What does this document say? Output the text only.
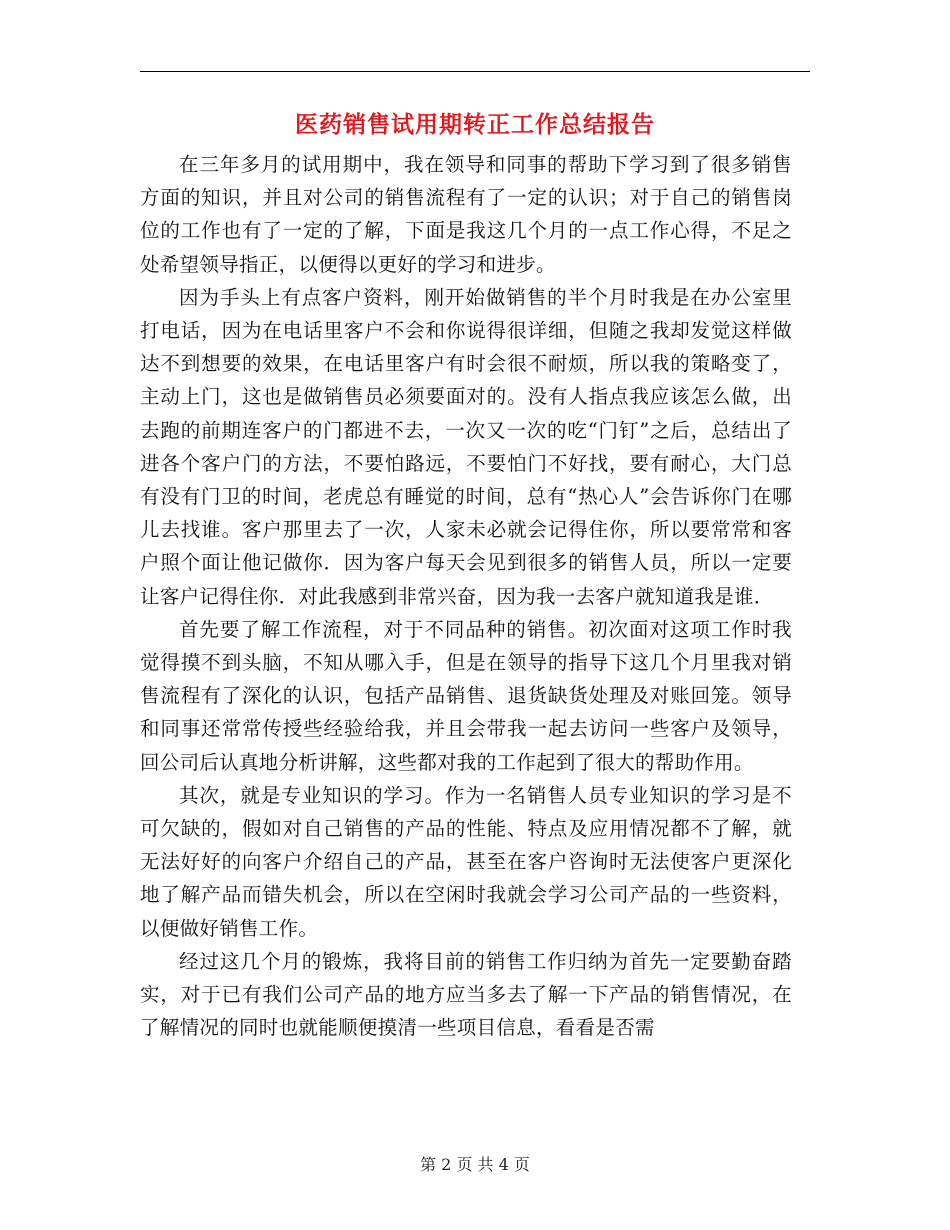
医药销售试用期转正工作总结报告

在三年多月的试用期中，我在领导和同事的帮助下学习到了很多销售方面的知识，并且对公司的销售流程有了一定的认识；对于自己的销售岗位的工作也有了一定的了解，下面是我这几个月的一点工作心得，不足之处希望领导指正，以便得以更好的学习和进步。

因为手头上有点客户资料，刚开始做销售的半个月时我是在办公室里打电话，因为在电话里客户不会和你说得很详细，但随之我却发觉这样做达不到想要的效果，在电话里客户有时会很不耐烦，所以我的策略变了，主动上门，这也是做销售员必须要面对的。没有人指点我应该怎么做，出去跑的前期连客户的门都进不去，一次又一次的吃“门钉”之后，总结出了进各个客户门的方法，不要怕路远，不要怕门不好找，要有耐心，大门总有没有门卫的时间，老虎总有睡觉的时间，总有“热心人”会告诉你门在哪儿去找谁。客户那里去了一次，人家未必就会记得住你，所以要常常和客户照个面让他记做你．因为客户每天会见到很多的销售人员，所以一定要让客户记得住你．对此我感到非常兴奋，因为我一去客户就知道我是谁．

首先要了解工作流程，对于不同品种的销售。初次面对这项工作时我觉得摸不到头脑，不知从哪入手，但是在领导的指导下这几个月里我对销售流程有了深化的认识，包括产品销售、退货缺货处理及对账回笼。领导和同事还常常传授些经验给我，并且会带我一起去访问一些客户及领导，回公司后认真地分析讲解，这些都对我的工作起到了很大的帮助作用。

其次，就是专业知识的学习。作为一名销售人员专业知识的学习是不可欠缺的，假如对自己销售的产品的性能、特点及应用情况都不了解，就无法好好的向客户介绍自己的产品，甚至在客户咨询时无法使客户更深化地了解产品而错失机会，所以在空闲时我就会学习公司产品的一些资料，以便做好销售工作。

经过这几个月的锻炼，我将目前的销售工作归纳为首先一定要勤奋踏实，对于已有我们公司产品的地方应当多去了解一下产品的销售情况，在了解情况的同时也就能顺便摸清一些项目信息，看看是否需

第 2 页 共 4 页
